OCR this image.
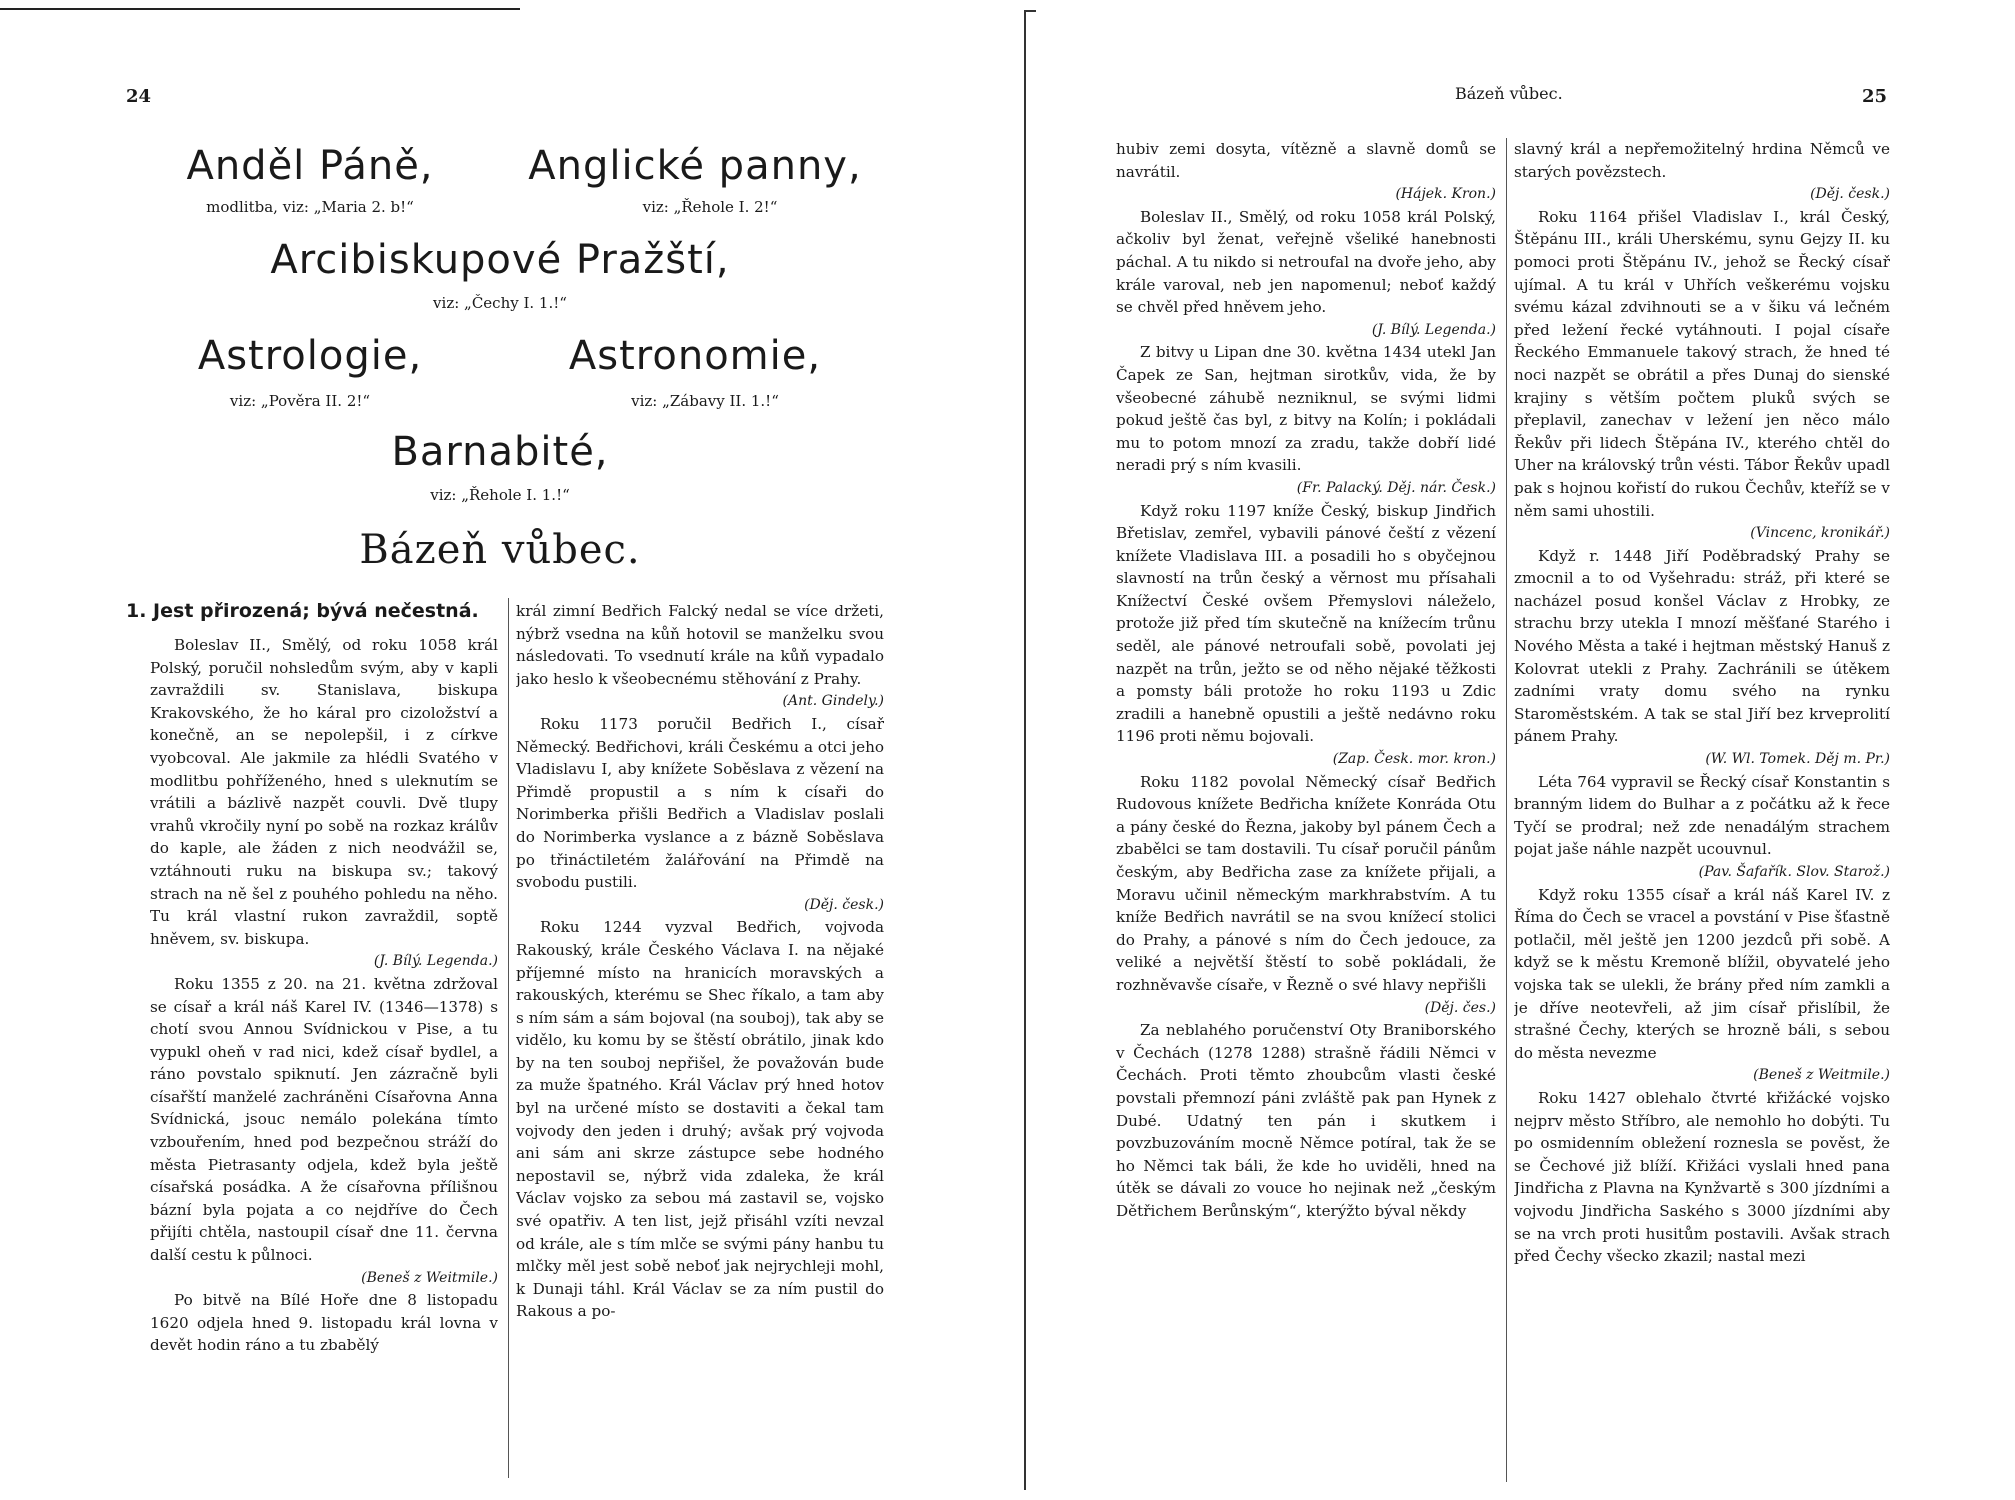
24
Anděl Páně,
modlitba, viz: „Maria 2. b!“
Anglické panny,
viz: „Řehole I. 2!“
Arcibiskupové Pražští,
viz: „Čechy I. 1.!“
Astrologie,
viz: „Pověra II. 2!“
Astronomie,
viz: „Zábavy II. 1.!“
Barnabité,
viz: „Řehole I. 1.!“
Bázeň vůbec.
1. Jest přirozená; bývá nečestná.

Boleslav II., Smělý, od roku 1058 král Polský, poručil nohsledům svým, aby v kapli zavraždili sv. Stanislava, biskupa Krakovského, že ho káral pro cizoložství a konečně, an se nepolepšil, i z církve vyobcoval. Ale jakmile za hlédli Svatého v modlitbu pohříženého, hned s uleknutím se vrátili a bázlivě nazpět couvli. Dvě tlupy vrahů vkročily nyní po sobě na rozkaz králův do kaple, ale žáden z nich neodvážil se, vztáhnouti ruku na biskupa sv.; takový strach na ně šel z pouhého pohledu na něho. Tu král vlastní rukon zavraždil, soptě hněvem, sv. biskupa.

(J. Bílý. Legenda.)

Roku 1355 z 20. na 21. května zdržoval se císař a král náš Karel IV. (1346—1378) s chotí svou Annou Svídnickou v Pise, a tu vypukl oheň v rad nici, kdež císař bydlel, a ráno povstalo spiknutí. Jen zázračně byli císařští manželé zachráněni Císařovna Anna Svídnická, jsouc nemálo polekána tímto vzbouřením, hned pod bezpečnou stráží do města Pietrasanty odjela, kdež byla ještě císařská posádka. A že císařovna přílišnou bázní byla pojata a co nejdříve do Čech přijíti chtěla, nastoupil císař dne 11. června další cestu k půlnoci.

(Beneš z Weitmile.)

Po bitvě na Bílé Hoře dne 8 listopadu 1620 odjela hned 9. listopadu král lovna v devět hodin ráno a tu zbabělý

král zimní Bedřich Falcký nedal se více držeti, nýbrž vsedna na kůň hotovil se manželku svou následovati. To vsednutí krále na kůň vypadalo jako heslo k všeobecnému stěhování z Prahy.

(Ant. Gindely.)

Roku 1173 poručil Bedřich I., císař Německý. Bedřichovi, králi Českému a otci jeho Vladislavu I, aby knížete Soběslava z vězení na Přimdě propustil a s ním k císaři do Norimberka přišli Bedřich a Vladislav poslali do Norimberka vyslance a z bázně Soběslava po třináctiletém žalářování na Přimdě na svobodu pustili.

(Děj. česk.)

Roku 1244 vyzval Bedřich, vojvoda Rakouský, krále Českého Václava I. na nějaké příjemné místo na hranicích moravských a rakouských, kterému se Shec říkalo, a tam aby s ním sám a sám bojoval (na souboj), tak aby se vidělo, ku komu by se štěstí obrátilo, jinak kdo by na ten souboj nepřišel, že považován bude za muže špatného. Král Václav prý hned hotov byl na určené místo se dostaviti a čekal tam vojvody den jeden i druhý; avšak prý vojvoda ani sám ani skrze zástupce sebe hodného nepostavil se, nýbrž vida zdaleka, že král Václav vojsko za sebou má zastavil se, vojsko své opatřiv. A ten list, jejž přisáhl vzíti nevzal od krále, ale s tím mlče se svými pány hanbu tu mlčky měl jest sobě neboť jak nejrychleji mohl, k Dunaji táhl. Král Václav se za ním pustil do Rakous a po-

Bázeň vůbec.	25

hubiv zemi dosyta, vítězně a slavně domů se navrátil.

(Hájek. Kron.)

Boleslav II., Smělý, od roku 1058 král Polský, ačkoliv byl ženat, veřejně všeliké hanebnosti páchal. A tu nikdo si netroufal na dvoře jeho, aby krále varoval, neb jen napomenul; neboť každý se chvěl před hněvem jeho.

(J. Bílý. Legenda.)

Z bitvy u Lipan dne 30. května 1434 utekl Jan Čapek ze San, hejtman sirotkův, vida, že by všeobecné záhubě nezniknul, se svými lidmi pokud ještě čas byl, z bitvy na Kolín; i pokládali mu to potom mnozí za zradu, takže dobří lidé neradi prý s ním kvasili.

(Fr. Palacký. Děj. nár. Česk.)

Když roku 1197 kníže Český, biskup Jindřich Břetislav, zemřel, vybavili pánové čeští z vězení knížete Vladislava III. a posadili ho s obyčejnou slavností na trůn český a věrnost mu přísahali Knížectví České ovšem Přemyslovi náleželo, protože již před tím skutečně na knížecím trůnu seděl, ale pánové netroufali sobě, povolati jej nazpět na trůn, ježto se od něho nějaké těžkosti a pomsty báli protože ho roku 1193 u Zdic zradili a hanebně opustili a ještě nedávno roku 1196 proti němu bojovali.

(Zap. Česk. mor. kron.)

Roku 1182 povolal Německý císař Bedřich Rudovous knížete Bedřicha knížete Konráda Otu a pány české do Řezna, jakoby byl pánem Čech a zbabělci se tam dostavili. Tu císař poručil pánům českým, aby Bedřicha zase za knížete přijali, a Moravu učinil německým markhrabstvím. A tu kníže Bedřich navrátil se na svou knížecí stolici do Prahy, a pánové s ním do Čech jedouce, za veliké a největší štěstí to sobě pokládali, že rozhněvavše císaře, v Řezně o své hlavy nepřišli

(Děj. čes.)

Za neblahého poručenství Oty Braniborského v Čechách (1278 1288) strašně řádili Němci v Čechách. Proti těmto zhoubcům vlasti české povstali přemnozí páni zvláště pak pan Hynek z Dubé. Udatný ten pán i skutkem i povzbuzováním mocně Němce potíral, tak že se ho Němci tak báli, že kde ho uviděli, hned na útěk se dávali zo vouce ho nejinak než „českým Dětřichem Berůnským“, kterýžto býval někdy

slavný král a nepřemožitelný hrdina Němců ve starých povězstech.

(Děj. česk.)

Roku 1164 přišel Vladislav I., král Český, Štěpánu III., králi Uherskému, synu Gejzy II. ku pomoci proti Štěpánu IV., jehož se Řecký císař ujímal. A tu král v Uhřích veškerému vojsku svému kázal zdvihnouti se a v šiku vá lečném před ležení řecké vytáhnouti. I pojal císaře Řeckého Emmanuele takový strach, že hned té noci nazpět se obrátil a přes Dunaj do sienské krajiny s větším počtem pluků svých se přeplavil, zanechav v ležení jen něco málo Řekův při lidech Štěpána IV., kteréhо chtěl do Uher na královský trůn vésti. Tábor Řekův upadl pak s hojnou kořistí do rukou Čechův, kteříž se v něm sami uhostili.

(Vincenc, kronikář.)

Když r. 1448 Jiří Poděbradský Prahy se zmocnil a to od Vyšehradu: stráž, při které se nacházel posud konšel Václav z Hrobky, ze strachu brzy utekla I mnozí měšťané Starého i Nového Města a také i hejtman městský Hanuš z Kolovrat utekli z Prahy. Zachránili se útěkem zadními vraty domu svého na rynku Staroměstském. A tak se stal Jiří bez krveprolití pánem Prahy.

(W. Wl. Tomek. Děj m. Pr.)

Léta 764 vypravil se Řecký císař Konstantin s branným lidem do Bulhar a z počátku až k řece Tyčí se prodral; než zde nenadálým strachem pojat jaše náhle nazpět ucouvnul.

(Pav. Šafařík. Slov. Starož.)

Když roku 1355 císař a král náš Karel IV. z Říma do Čech se vracel a povstání v Pise šťastně potlačil, měl ještě jen 1200 jezdců při sobě. A když se k městu Kremoně blížil, obyvatelé jeho vojska tak se ulekli, že brány před ním zamkli a je dříve neotevřeli, až jim císař přislíbil, že strašné Čechy, kterých se hrozně báli, s sebou do města nevezme

(Beneš z Weitmile.)

Roku 1427 oblehalo čtvrté křižácké vojsko nejprv město Stříbro, ale nemohlo ho dobýti. Tu po osmidenním obležení roznesla se pověst, že se Čechové již blíží. Křižáci vyslali hned pana Jindřicha z Plavna na Kynžvartě s 300 jízdními a vojvodu Jindřicha Saského s 3000 jízdními aby se na vrch proti husitům postavili. Avšak strach před Čechy všecko zkazil; nastal mezi
